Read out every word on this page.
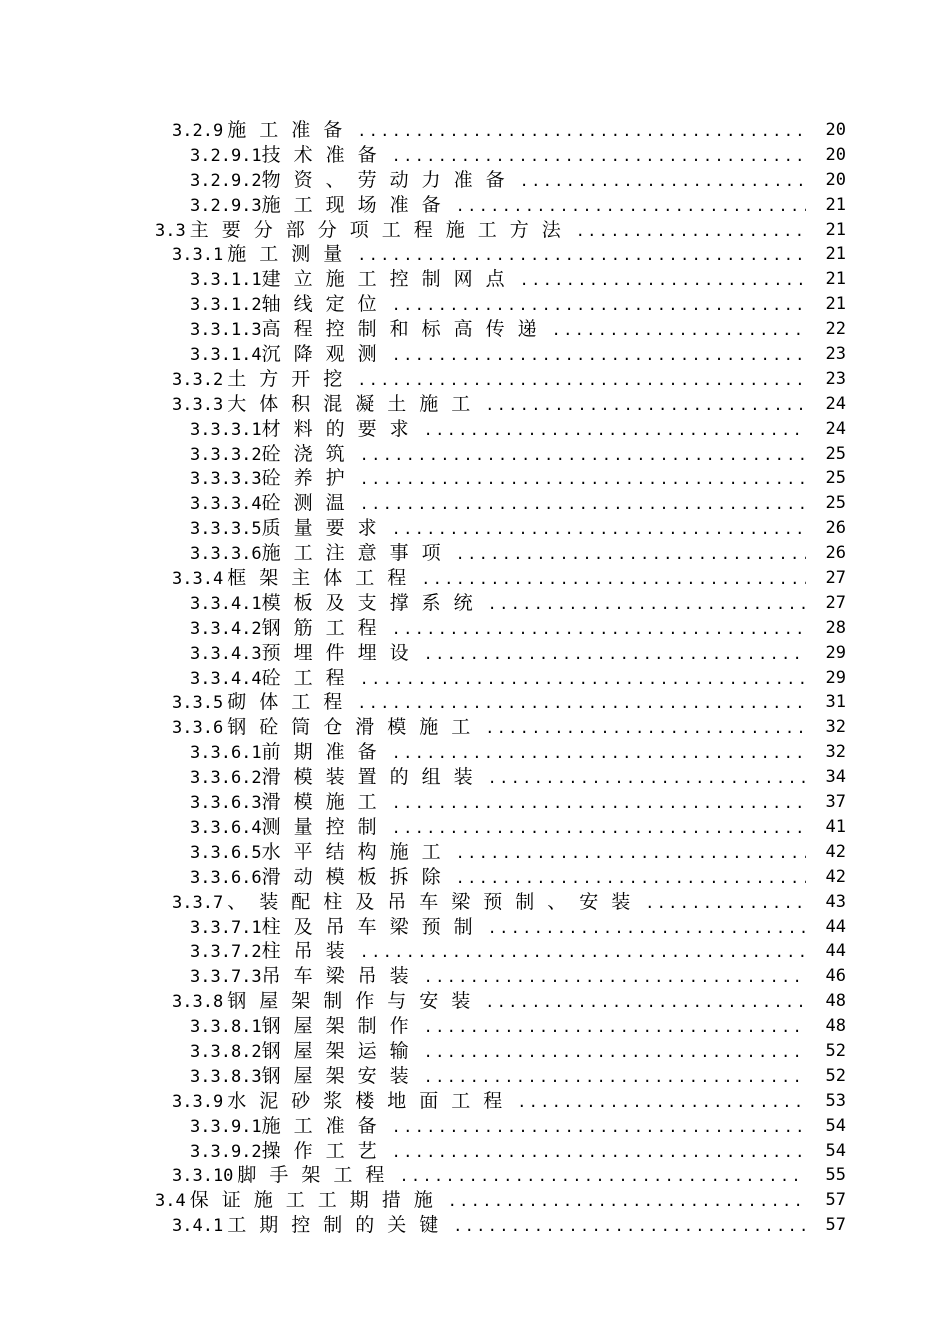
3.2.9 施工准备 .....	20
3.2.9.1 技术准备 .....	20
3.2.9.2 物资、劳动力准备 .....	20
3.2.9.3 施工现场准备 .....	21
3.3 主要分部分项工程施工方法 .....	21
3.3.1 施工测量 .....	21
3.3.1.1 建立施工控制网点 .....	21
3.3.1.2 轴线定位 .....	21
3.3.1.3 高程控制和标高传递 .....	22
3.3.1.4 沉降观测 .....	23
3.3.2 土方开挖 .....	23
3.3.3 大体积混凝土施工 .....	24
3.3.3.1 材料的要求 .....	24
3.3.3.2 砼浇筑 .....	25
3.3.3.3 砼养护 .....	25
3.3.3.4 砼测温 .....	25
3.3.3.5 质量要求 .....	26
3.3.3.6 施工注意事项 .....	26
3.3.4 框架主体工程 .....	27
3.3.4.1 模板及支撑系统 .....	27
3.3.4.2 钢筋工程 .....	28
3.3.4.3 预埋件埋设 .....	29
3.3.4.4 砼工程 .....	29
3.3.5 砌体工程 .....	31
3.3.6 钢砼筒仓滑模施工 .....	32
3.3.6.1 前期准备 .....	32
3.3.6.2 滑模装置的组装 .....	34
3.3.6.3 滑模施工 .....	37
3.3.6.4 测量控制 .....	41
3.3.6.5 水平结构施工 .....	42
3.3.6.6 滑动模板拆除 .....	42
3.3.7 、装配柱及吊车梁预制、安装 .....	43
3.3.7.1 柱及吊车梁预制 .....	44
3.3.7.2 柱吊装 .....	44
3.3.7.3 吊车梁吊装 .....	46
3.3.8 钢屋架制作与安装 .....	48
3.3.8.1 钢屋架制作 .....	48
3.3.8.2 钢屋架运输 .....	52
3.3.8.3 钢屋架安装 .....	52
3.3.9 水泥砂浆楼地面工程 .....	53
3.3.9.1 施工准备 .....	54
3.3.9.2 操作工艺 .....	54
3.3.10 脚手架工程 .....	55
3.4 保证施工工期措施 .....	57
3.4.1 工期控制的关键 .....	57
